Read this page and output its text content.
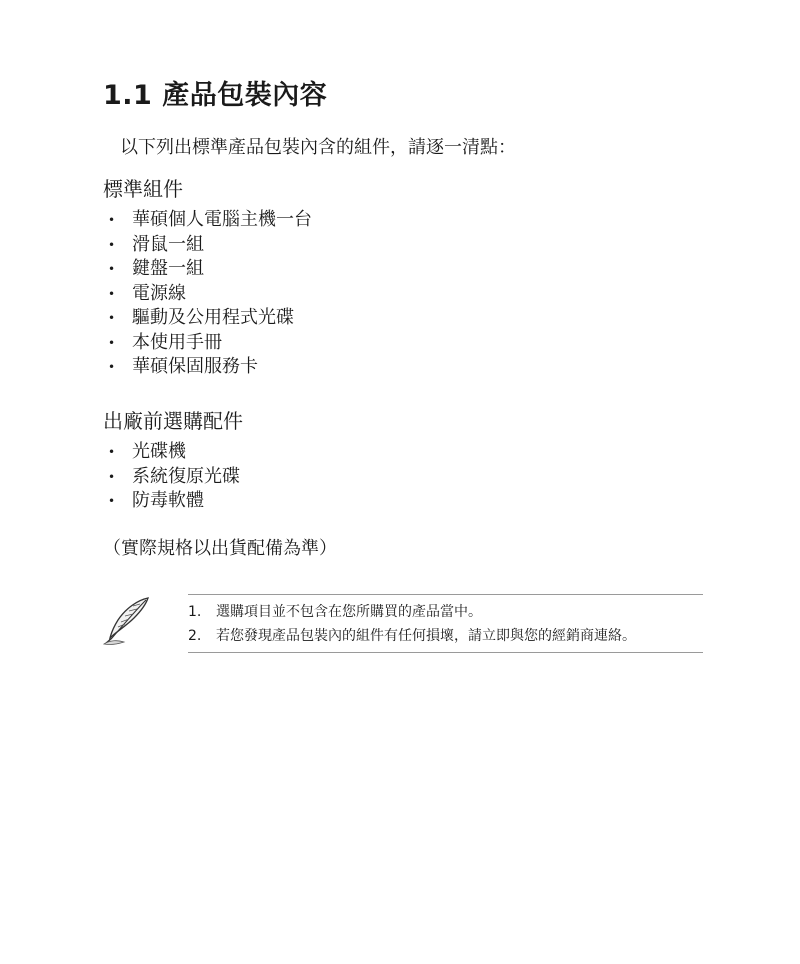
1.1 產品包裝內容
以下列出標準產品包裝內含的組件，請逐一清點：
標準組件
• 華碩個人電腦主機一台
• 滑鼠一組
• 鍵盤一組
• 電源線
• 驅動及公用程式光碟
• 本使用手冊
• 華碩保固服務卡
出廠前選購配件
• 光碟機
• 系統復原光碟
• 防毒軟體
（實際規格以出貨配備為準）
1.	選購項目並不包含在您所購買的產品當中。
2.	若您發現產品包裝內的組件有任何損壞，請立即與您的經銷商連絡。
